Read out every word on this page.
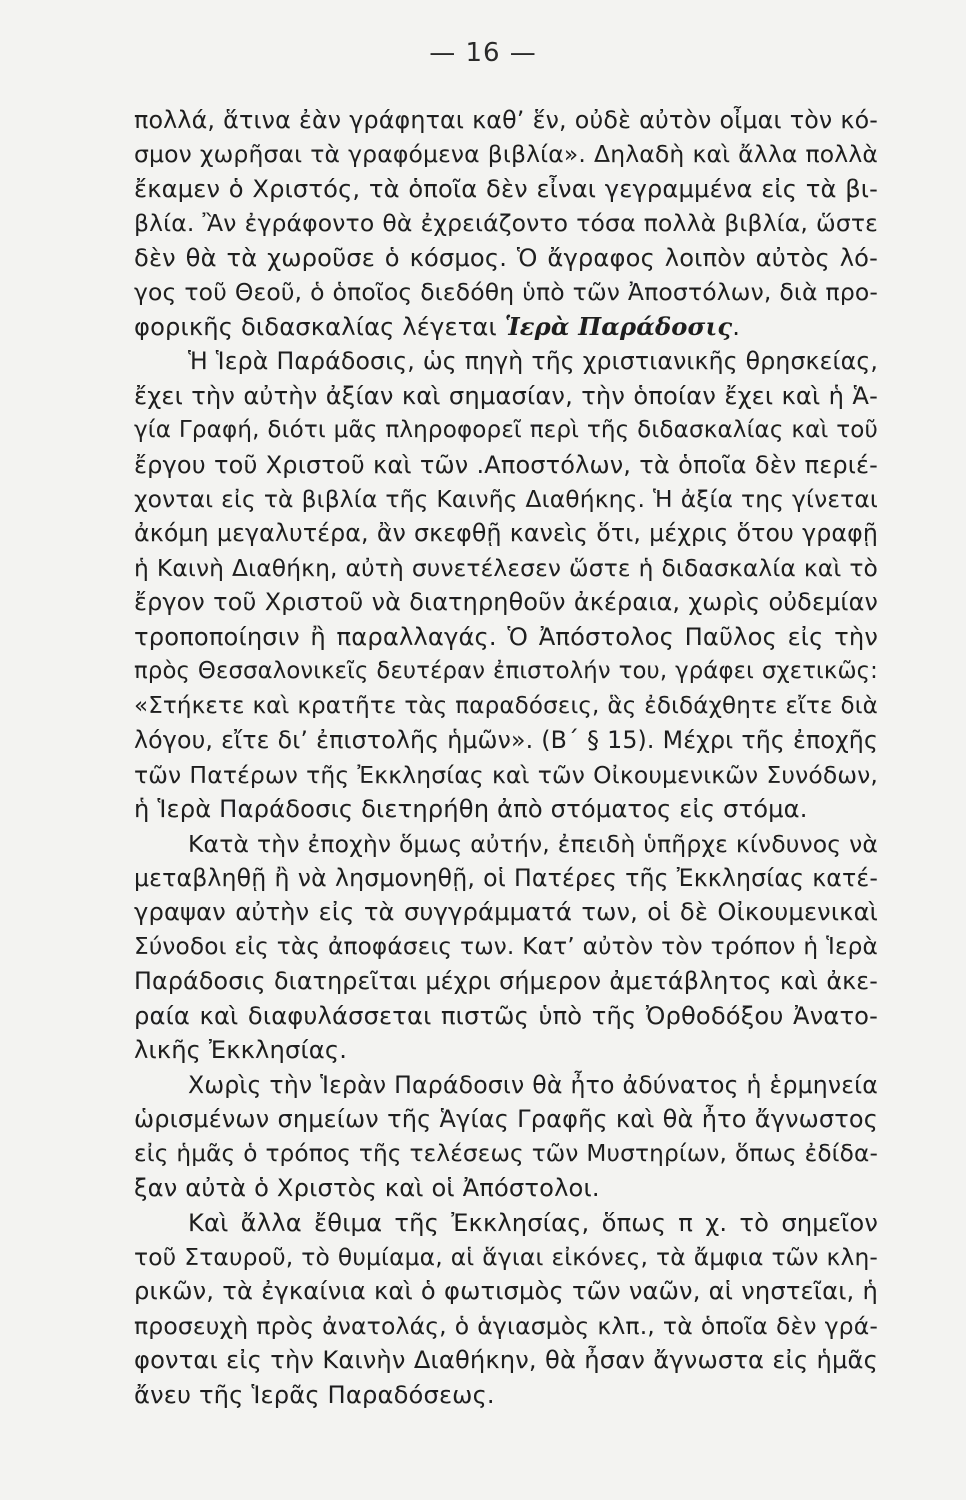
— 16 —
πολλά, ἅτινα ἐὰν γράφηται καθ’ ἕν, οὐδὲ αὐτὸν οἶμαι τὸν κό-
σμον χωρῆσαι τὰ γραφόμενα βιβλία». Δηλαδὴ καὶ ἄλλα πολλὰ
ἔκαμεν ὁ Χριστός, τὰ ὁποῖα δὲν εἶναι γεγραμμένα εἰς τὰ βι-
βλία. Ἂν ἐγράφοντο θὰ ἐχρειάζοντο τόσα πολλὰ βιβλία, ὥστε
δὲν θὰ τὰ χωροῦσε ὁ κόσμος. Ὁ ἄγραφος λοιπὸν αὐτὸς λό-
γος τοῦ Θεοῦ, ὁ ὁποῖος διεδόθη ὑπὸ τῶν Ἀποστόλων, διὰ προ-
φορικῆς διδασκαλίας λέγεται Ἱερὰ Παράδοσις.
Ἡ Ἱερὰ Παράδοσις, ὡς πηγὴ τῆς χριστιανικῆς θρησκείας,
ἔχει τὴν αὐτὴν ἀξίαν καὶ σημασίαν, τὴν ὁποίαν ἔχει καὶ ἡ Ἁ-
γία Γραφή, διότι μᾶς πληροφορεῖ περὶ τῆς διδασκαλίας καὶ τοῦ
ἔργου τοῦ Χριστοῦ καὶ τῶν .Αποστόλων, τὰ ὁποῖα δὲν περιέ-
χονται εἰς τὰ βιβλία τῆς Καινῆς Διαθήκης. Ἡ ἀξία της γίνεται
ἀκόμη μεγαλυτέρα, ἂν σκεφθῇ κανεὶς ὅτι, μέχρις ὅτου γραφῇ
ἡ Καινὴ Διαθήκη, αὐτὴ συνετέλεσεν ὥστε ἡ διδασκαλία καὶ τὸ
ἔργον τοῦ Χριστοῦ νὰ διατηρηθοῦν ἀκέραια, χωρὶς οὐδεμίαν
τροποποίησιν ἢ παραλλαγάς. Ὁ Ἀπόστολος Παῦλος εἰς τὴν
πρὸς Θεσσαλονικεῖς δευτέραν ἐπιστολήν του, γράφει σχετικῶς:
«Στήκετε καὶ κρατῆτε τὰς παραδόσεις, ἃς ἐδιδάχθητε εἴτε διὰ
λόγου, εἴτε δι’ ἐπιστολῆς ἡμῶν». (Β΄ § 15). Μέχρι τῆς ἐποχῆς
τῶν Πατέρων τῆς Ἐκκλησίας καὶ τῶν Οἰκουμενικῶν Συνόδων,
ἡ Ἱερὰ Παράδοσις διετηρήθη ἀπὸ στόματος εἰς στόμα.
Κατὰ τὴν ἐποχὴν ὅμως αὐτήν, ἐπειδὴ ὑπῆρχε κίνδυνος νὰ
μεταβληθῇ ἢ νὰ λησμονηθῇ, οἱ Πατέρες τῆς Ἐκκλησίας κατέ-
γραψαν αὐτὴν εἰς τὰ συγγράμματά των, οἱ δὲ Οἰκουμενικαὶ
Σύνοδοι εἰς τὰς ἀποφάσεις των. Κατ’ αὐτὸν τὸν τρόπον ἡ Ἱερὰ
Παράδοσις διατηρεῖται μέχρι σήμερον ἀμετάβλητος καὶ ἀκε-
ραία καὶ διαφυλάσσεται πιστῶς ὑπὸ τῆς Ὀρθοδόξου Ἀνατο-
λικῆς Ἐκκλησίας.
Χωρὶς τὴν Ἱερὰν Παράδοσιν θὰ ἦτο ἀδύνατος ἡ ἑρμηνεία
ὡρισμένων σημείων τῆς Ἁγίας Γραφῆς καὶ θὰ ἦτο ἄγνωστος
εἰς ἡμᾶς ὁ τρόπος τῆς τελέσεως τῶν Μυστηρίων, ὅπως ἐδίδα-
ξαν αὐτὰ ὁ Χριστὸς καὶ οἱ Ἀπόστολοι.
Καὶ ἄλλα ἔθιμα τῆς Ἐκκλησίας, ὅπως π χ. τὸ σημεῖον
τοῦ Σταυροῦ, τὸ θυμίαμα, αἱ ἅγιαι εἰκόνες, τὰ ἄμφια τῶν κλη-
ρικῶν, τὰ ἐγκαίνια καὶ ὁ φωτισμὸς τῶν ναῶν, αἱ νηστεῖαι, ἡ
προσευχὴ πρὸς ἀνατολάς, ὁ ἁγιασμὸς κλπ., τὰ ὁποῖα δὲν γρά-
φονται εἰς τὴν Καινὴν Διαθήκην, θὰ ἦσαν ἄγνωστα εἰς ἡμᾶς
ἄνευ τῆς Ἱερᾶς Παραδόσεως.
